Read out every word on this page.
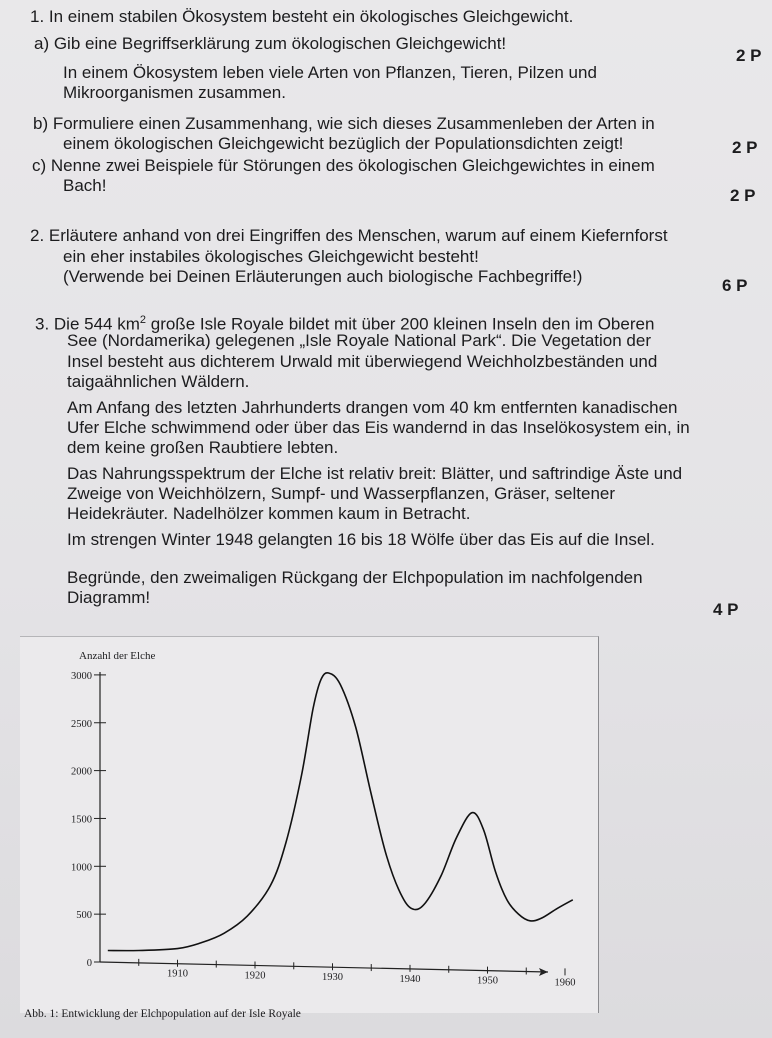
1. In einem stabilen Ökosystem besteht ein ökologisches Gleichgewicht.
a) Gib eine Begriffserklärung zum ökologischen Gleichgewicht!
2 P
In einem Ökosystem leben viele Arten von Pflanzen, Tieren, Pilzen und
Mikroorganismen zusammen.
b) Formuliere einen Zusammenhang, wie sich dieses Zusammenleben der Arten in
einem ökologischen Gleichgewicht bezüglich der Populationsdichten zeigt!	2 P
c) Nenne zwei Beispiele für Störungen des ökologischen Gleichgewichtes in einem
Bach!
2 P
2. Erläutere anhand von drei Eingriffen des Menschen, warum auf einem Kiefernforst
ein eher instabiles ökologisches Gleichgewicht besteht!
(Verwende bei Deinen Erläuterungen auch biologische Fachbegriffe!)	6 P
3. Die 544 $km^2$ große Isle Royale bildet mit über 200 kleinen Inseln den im Oberen
See (Nordamerika) gelegenen „Isle Royale National Park“. Die Vegetation der
Insel besteht aus dichterem Urwald mit überwiegend Weichholzbeständen und
taigaähnlichen Wäldern.
Am Anfang des letzten Jahrhunderts drangen vom 40 km entfernten kanadischen
Ufer Elche schwimmend oder über das Eis wandernd in das Inselökosystem ein, in
dem keine großen Raubtiere lebten.
Das Nahrungsspektrum der Elche ist relativ breit: Blätter, und saftrindige Äste und
Zweige von Weichhölzern, Sumpf- und Wasserpflanzen, Gräser, seltener
Heidekräuter. Nadelhölzer kommen kaum in Betracht.
Im strengen Winter 1948 gelangten 16 bis 18 Wölfe über das Eis auf die Insel.
Begründe, den zweimaligen Rückgang der Elchpopulation im nachfolgenden
Diagramm!
4 P
Anzahl der Elche
0
500
1000
1500
2000
2500
3000
1910	1920	1930	1940	1950	1960
Abb. 1: Entwicklung der Elchpopulation auf der Isle Royale
